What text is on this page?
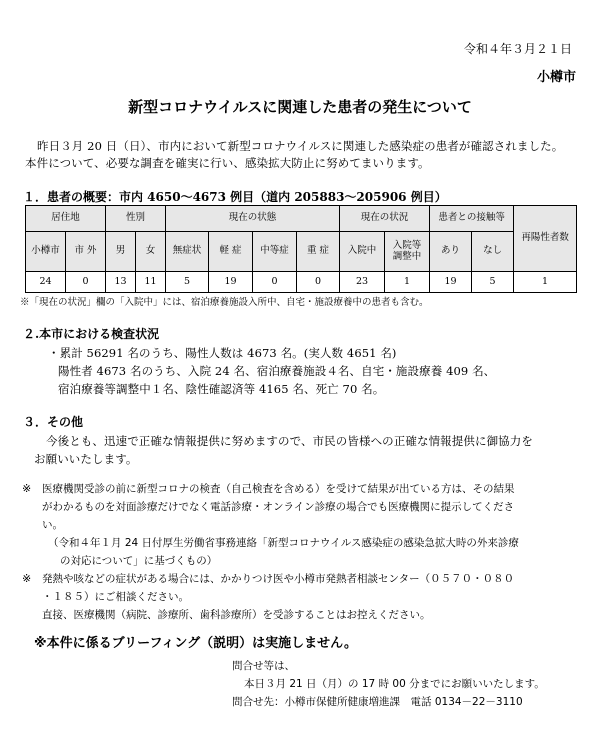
令和４年３月２１日
小樽市
新型コロナウイルスに関連した患者の発生について
昨日３月 20 日（日）、市内において新型コロナウイルスに関連した感染症の患者が確認されました。
本件について、必要な調査を確実に行い、感染拡大防止に努めてまいります。
１．患者の概要：市内 4650～4673 例目（道内 205883～205906 例目）
居住地		性別		現在の状態				現在の状況		患者との接触等		再陽性者数
小樽市	市 外	男	女	無症状	軽 症	中等症	重 症	入院中	入院等調整中	あり	なし	
24	0	13	11	5	19	0	0	23	1	19	5	1
※「現在の状況」欄の「入院中」には、宿泊療養施設入所中、自宅・施設療養中の患者も含む。
２.本市における検査状況
・累計 56291 名のうち、陽性人数は 4673 名。(実人数 4651 名)
陽性者 4673 名のうち、入院 24 名、宿泊療養施設４名、自宅・施設療養 409 名、
宿泊療養等調整中１名、陰性確認済等 4165 名、死亡 70 名。
３．その他
今後とも、迅速で正確な情報提供に努めますので、市民の皆様への正確な情報提供に御協力を
お願いいたします。
※ 医療機関受診の前に新型コロナの検査（自己検査を含める）を受けて結果が出ている方は、その結果
がわかるものを対面診療だけでなく電話診療・オンライン診療の場合でも医療機関に提示してくださ
い。
（令和４年１月 24 日付厚生労働省事務連絡「新型コロナウイルス感染症の感染急拡大時の外来診療
の対応について」に基づくもの）
※ 発熱や咳などの症状がある場合には、かかりつけ医や小樽市発熱者相談センター（０５７０・０８０
・１８５）にご相談ください。
直接、医療機関（病院、診療所、歯科診療所）を受診することはお控えください。
※本件に係るブリーフィング（説明）は実施しません。
問合せ等は、
本日３月 21 日（月）の 17 時 00 分までにお願いいたします。
問合せ先：小樽市保健所健康増進課　電話 0134－22－3110
